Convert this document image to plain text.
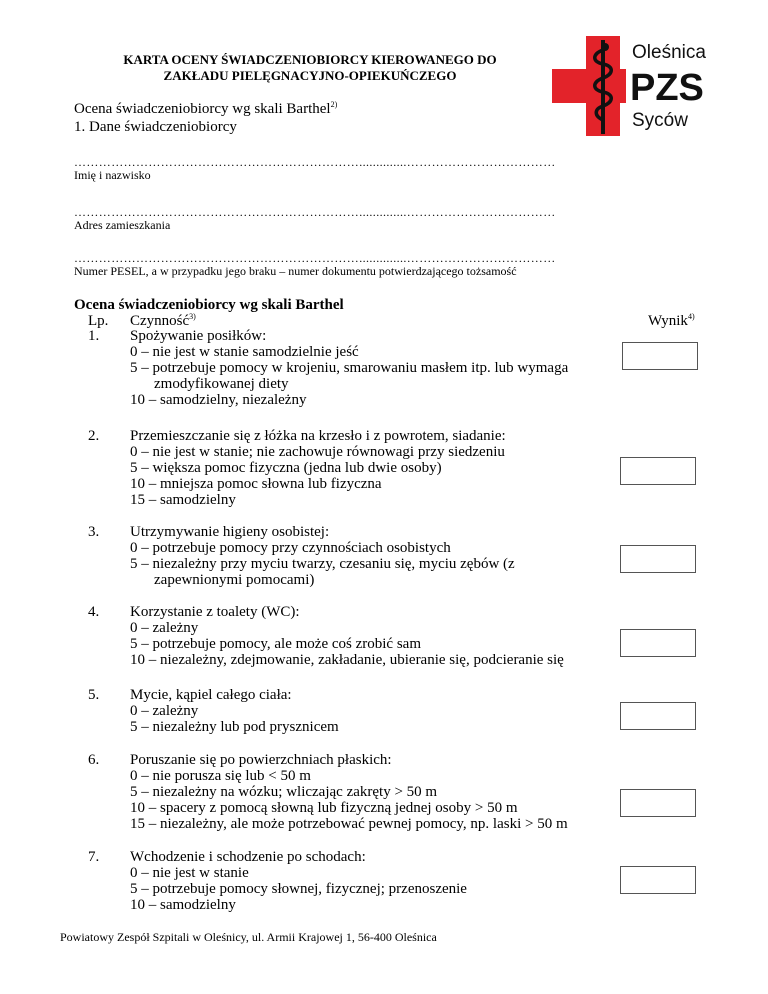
KARTA OCENY ŚWIADCZENIOBIORCY KIEROWANEGO DO
ZAKŁADU PIELĘGNACYJNO-OPIEKUŃCZEGO	PZS
Oleśnica
Syców
Ocena świadczeniobiorcy wg skali Barthel$^{2)}$
1. Dane świadczeniobiorcy
……………………………………………………………..............………………………………
Imię i nazwisko
……………………………………………………………..............………………………………
Adres zamieszkania
……………………………………………………………..............………………………………
Numer PESEL, a w przypadku jego braku – numer dokumentu potwierdzającego tożsamość
Ocena świadczeniobiorcy wg skali Barthel
Lp. Czynność$^{3)}$	Wynik$^{4)}$
1. Spożywanie posiłków:
0 – nie jest w stanie samodzielnie jeść
5 – potrzebuje pomocy w krojeniu, smarowaniu masłem itp. lub wymaga
zmodyfikowanej diety
10 – samodzielny, niezależny
2. Przemieszczanie się z łóżka na krzesło i z powrotem, siadanie:
0 – nie jest w stanie; nie zachowuje równowagi przy siedzeniu
5 – większa pomoc fizyczna (jedna lub dwie osoby)
10 – mniejsza pomoc słowna lub fizyczna
15 – samodzielny
3. Utrzymywanie higieny osobistej:
0 – potrzebuje pomocy przy czynnościach osobistych
5 – niezależny przy myciu twarzy, czesaniu się, myciu zębów (z
zapewnionymi pomocami)
4. Korzystanie z toalety (WC):
0 – zależny
5 – potrzebuje pomocy, ale może coś zrobić sam
10 – niezależny, zdejmowanie, zakładanie, ubieranie się, podcieranie się
5. Mycie, kąpiel całego ciała:
0 – zależny
5 – niezależny lub pod prysznicem
6. Poruszanie się po powierzchniach płaskich:
0 – nie porusza się lub < 50 m
5 – niezależny na wózku; wliczając zakręty > 50 m
10 – spacery z pomocą słowną lub fizyczną jednej osoby > 50 m
15 – niezależny, ale może potrzebować pewnej pomocy, np. laski > 50 m
7. Wchodzenie i schodzenie po schodach:
0 – nie jest w stanie
5 – potrzebuje pomocy słownej, fizycznej; przenoszenie
10 – samodzielny
Powiatowy Zespół Szpitali w Oleśnicy, ul. Armii Krajowej 1, 56-400 Oleśnica
